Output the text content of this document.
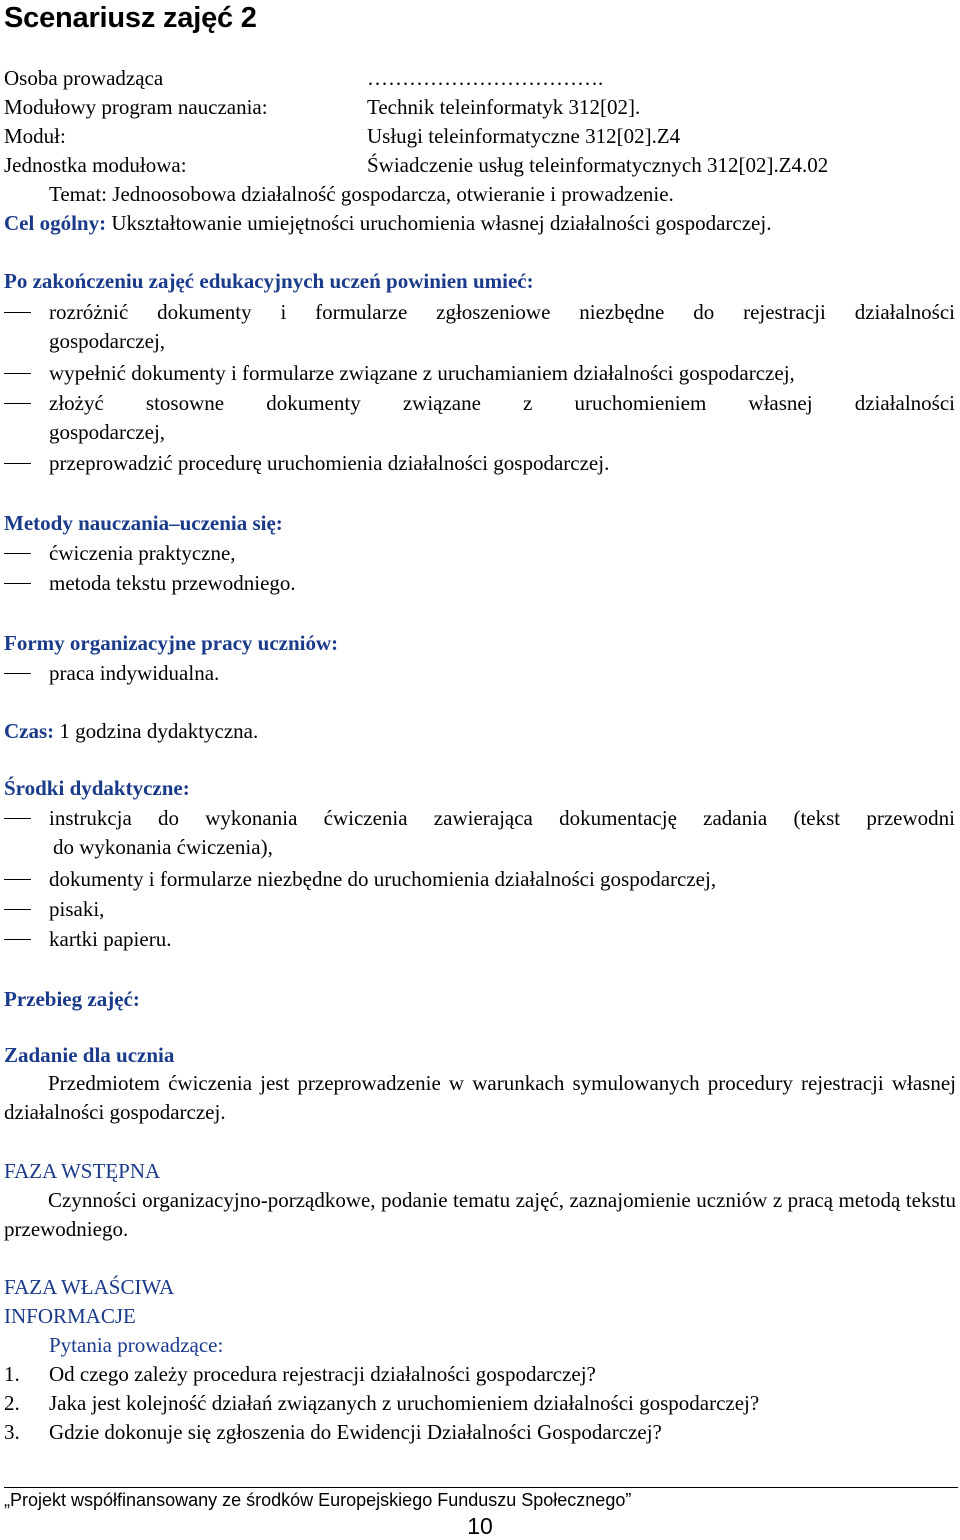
Scenariusz zajęć 2
Osoba prowadząca	…………………………….
Modułowy program nauczania:	Technik teleinformatyk 312[02].
Moduł:	Usługi teleinformatyczne 312[02].Z4
Jednostka modułowa:	Świadczenie usług teleinformatycznych 312[02].Z4.02
Temat: Jednoosobowa działalność gospodarcza, otwieranie i prowadzenie.
Cel ogólny: Ukształtowanie umiejętności uruchomienia własnej działalności gospodarczej.
Po zakończeniu zajęć edukacyjnych uczeń powinien umieć:
rozróżnić dokumenty i formularze zgłoszeniowe niezbędne do rejestracji działalności
gospodarczej,
wypełnić dokumenty i formularze związane z uruchamianiem działalności gospodarczej,
złożyć stosowne dokumenty związane z uruchomieniem własnej działalności
gospodarczej,
przeprowadzić procedurę uruchomienia działalności gospodarczej.
Metody nauczania–uczenia się:
ćwiczenia praktyczne,
metoda tekstu przewodniego.
Formy organizacyjne pracy uczniów:
praca indywidualna.
Czas: 1 godzina dydaktyczna.
Środki dydaktyczne:
instrukcja do wykonania ćwiczenia zawierająca dokumentację zadania (tekst przewodni
do wykonania ćwiczenia),
dokumenty i formularze niezbędne do uruchomienia działalności gospodarczej,
pisaki,
kartki papieru.
Przebieg zajęć:
Zadanie dla ucznia
Przedmiotem ćwiczenia jest przeprowadzenie w warunkach symulowanych procedury rejestracji własnej działalności gospodarczej.
FAZA WSTĘPNA
Czynności organizacyjno-porządkowe, podanie tematu zajęć, zaznajomienie uczniów z pracą metodą tekstu przewodniego.
FAZA WŁAŚCIWA
INFORMACJE
Pytania prowadzące:
1. Od czego zależy procedura rejestracji działalności gospodarczej?
2. Jaka jest kolejność działań związanych z uruchomieniem działalności gospodarczej?
3. Gdzie dokonuje się zgłoszenia do Ewidencji Działalności Gospodarczej?
„Projekt współfinansowany ze środków Europejskiego Funduszu Społecznego”
10
